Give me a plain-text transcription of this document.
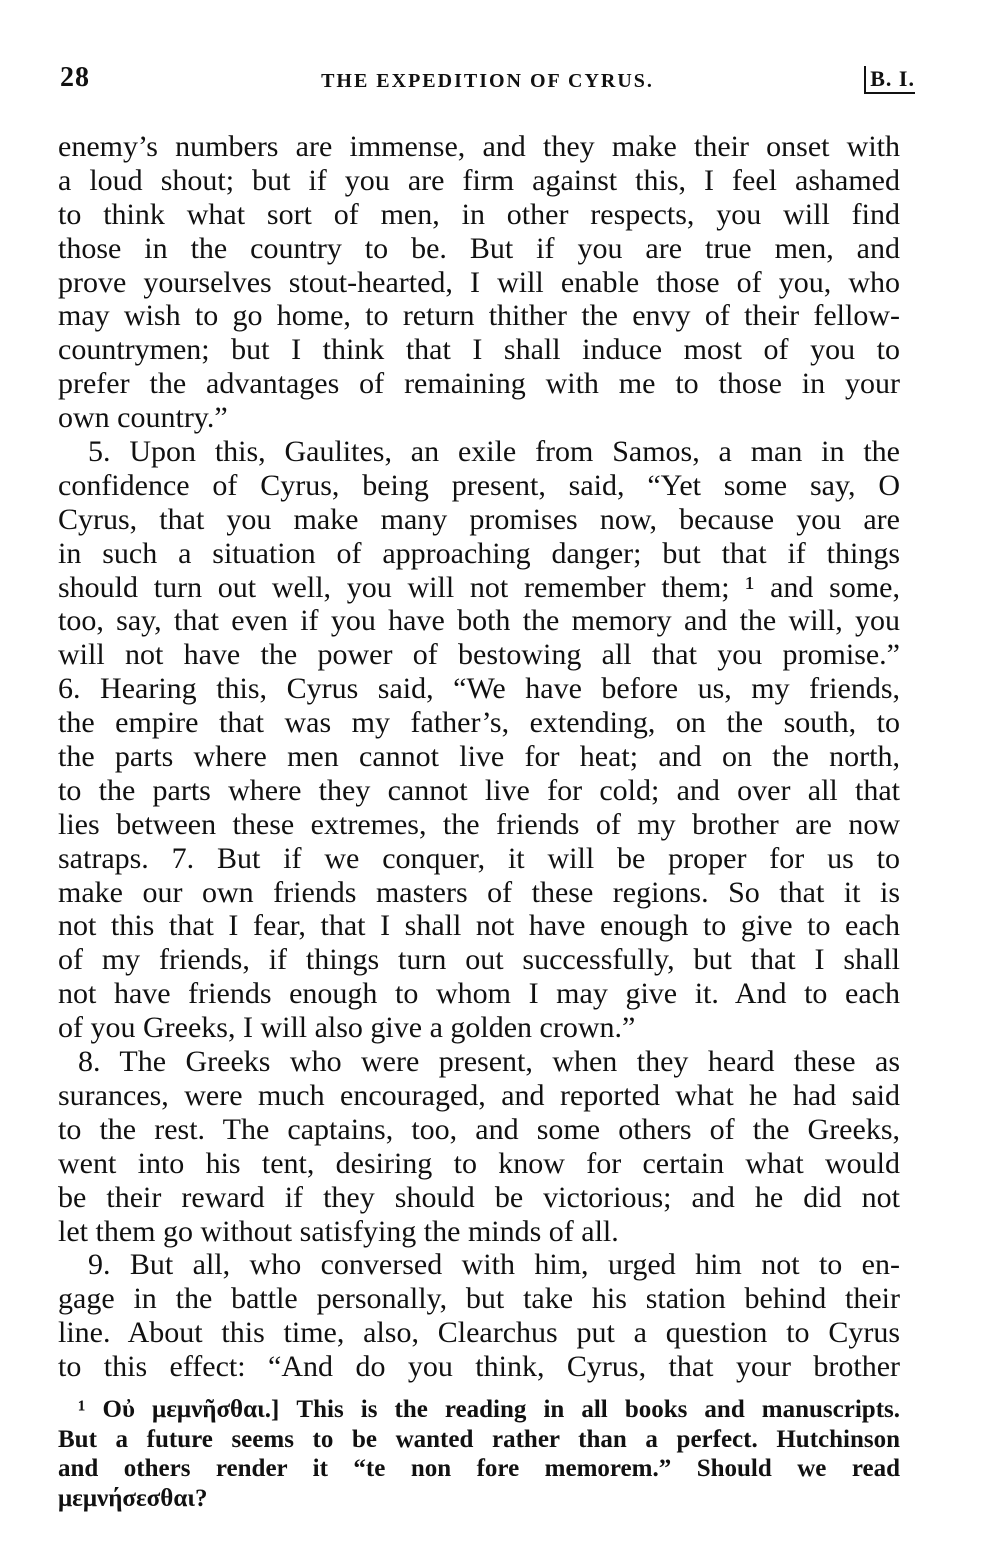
28	THE EXPEDITION OF CYRUS.	B. I.
enemy’s numbers are immense, and they make their onset with
a loud shout; but if you are firm against this, I feel ashamed
to think what sort of men, in other respects, you will find
those in the country to be. But if you are true men, and
prove yourselves stout-hearted, I will enable those of you, who
may wish to go home, to return thither the envy of their fellow-
countrymen; but I think that I shall induce most of you to
prefer the advantages of remaining with me to those in your
own country.”
5. Upon this, Gaulites, an exile from Samos, a man in the
confidence of Cyrus, being present, said, “Yet some say, O
Cyrus, that you make many promises now, because you are
in such a situation of approaching danger; but that if things
should turn out well, you will not remember them; ¹ and some,
too, say, that even if you have both the memory and the will, you
will not have the power of bestowing all that you promise.”
6. Hearing this, Cyrus said, “We have before us, my friends,
the empire that was my father’s, extending, on the south, to
the parts where men cannot live for heat; and on the north,
to the parts where they cannot live for cold; and over all that
lies between these extremes, the friends of my brother are now
satraps. 7. But if we conquer, it will be proper for us to
make our own friends masters of these regions. So that it is
not this that I fear, that I shall not have enough to give to each
of my friends, if things turn out successfully, but that I shall
not have friends enough to whom I may give it. And to each
of you Greeks, I will also give a golden crown.”
8. The Greeks who were present, when they heard these as
surances, were much encouraged, and reported what he had said
to the rest. The captains, too, and some others of the Greeks,
went into his tent, desiring to know for certain what would
be their reward if they should be victorious; and he did not
let them go without satisfying the minds of all.
9. But all, who conversed with him, urged him not to en-
gage in the battle personally, but take his station behind their
line. About this time, also, Clearchus put a question to Cyrus
to this effect: “And do you think, Cyrus, that your brother
¹ Οὐ μεμνῆσθαι.] This is the reading in all books and manuscripts.
But a future seems to be wanted rather than a perfect. Hutchinson
and others render it “te non fore memorem.” Should we read
μεμνήσεσθαι?
